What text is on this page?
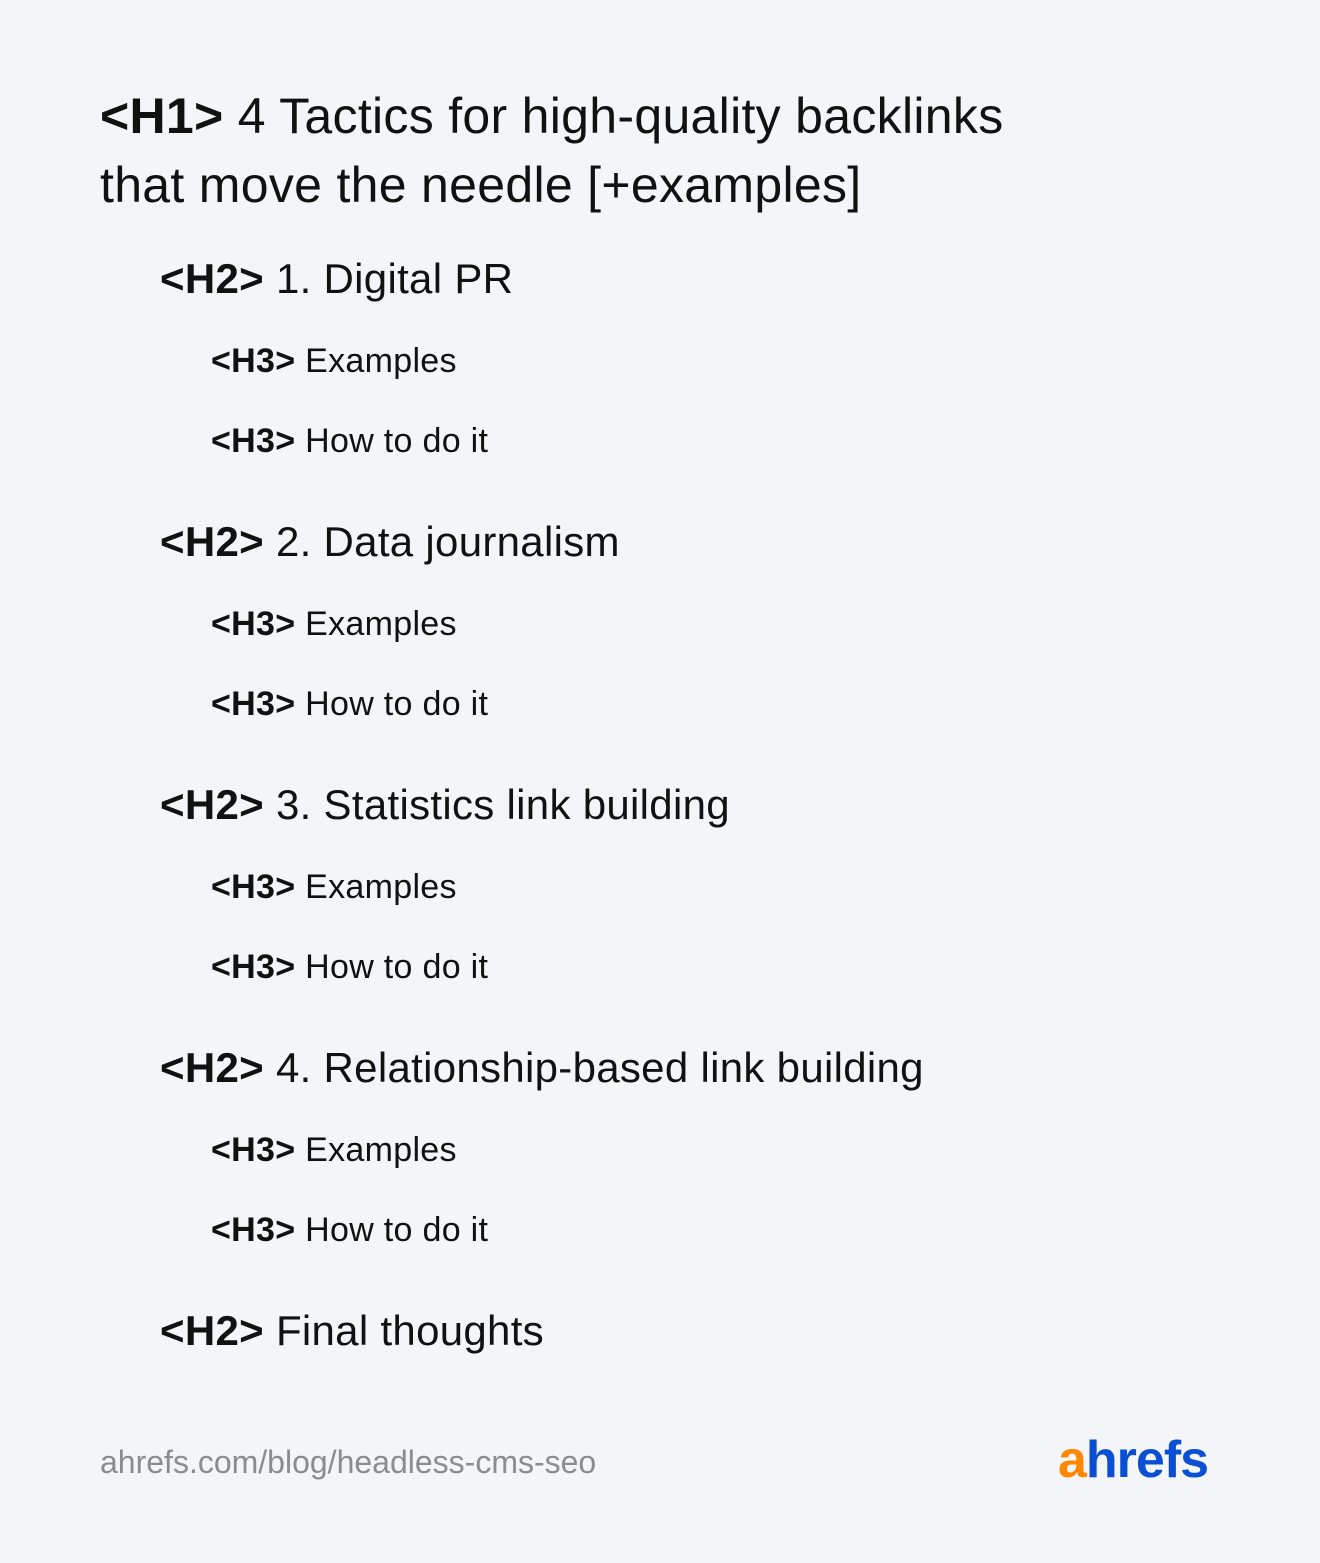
<H1> 4 Tactics for high-quality backlinks
that move the needle [+examples]
<H2> 1. Digital PR
<H3> Examples
<H3> How to do it
<H2> 2. Data journalism
<H3> Examples
<H3> How to do it
<H2> 3. Statistics link building
<H3> Examples
<H3> How to do it
<H2> 4. Relationship-based link building
<H3> Examples
<H3> How to do it
<H2> Final thoughts
ahrefs.com/blog/headless-cms-seo	ahrefs
